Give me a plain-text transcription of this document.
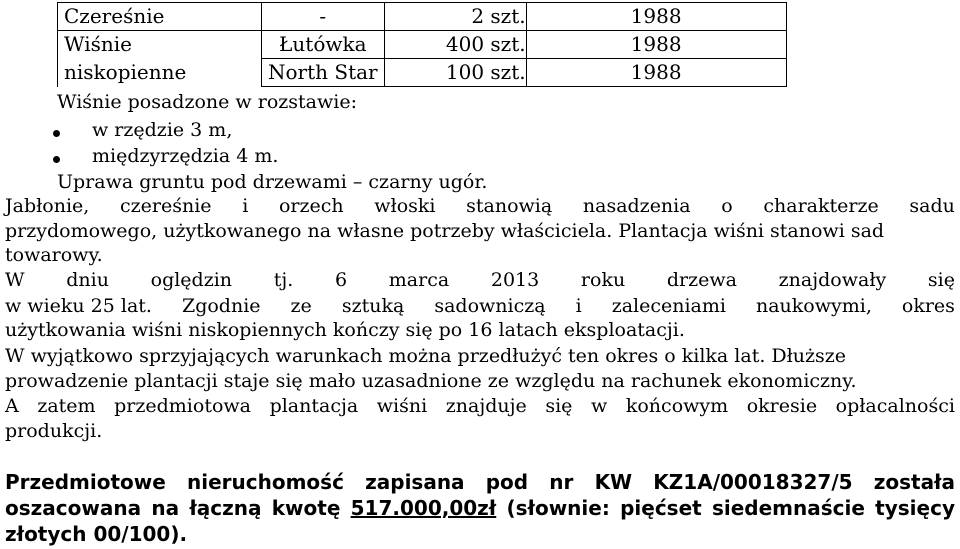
Czereśnie	-	2 szt.	1988
Wiśnie	Łutówka	400 szt.	1988
niskopienne	North Star	100 szt.	1988
Wiśnie posadzone w rozstawie:
w rzędzie 3 m,
międzyrzędzia 4 m.
Uprawa gruntu pod drzewami – czarny ugór.
Jabłonie, czereśnie i orzech włoski stanowią nasadzenia o charakterze sadu
przydomowego, użytkowanego na własne potrzeby właściciela. Plantacja wiśni stanowi sad
towarowy.
W dniu oględzin tj. 6 marca 2013 roku drzewa znajdowały się
w wieku 25 lat. Zgodnie ze sztuką sadowniczą i zaleceniami naukowymi, okres
użytkowania wiśni niskopiennych kończy się po 16 latach eksploatacji.
W wyjątkowo sprzyjających warunkach można przedłużyć ten okres o kilka lat. Dłuższe
prowadzenie plantacji staje się mało uzasadnione ze względu na rachunek ekonomiczny.
A zatem przedmiotowa plantacja wiśni znajduje się w końcowym okresie opłacalności
produkcji.
Przedmiotowe nieruchomość zapisana pod nr KW KZ1A/00018327/5 została
oszacowana na łączną kwotę 517.000,00zł (słownie: pięćset siedemnaście tysięcy
złotych 00/100).
